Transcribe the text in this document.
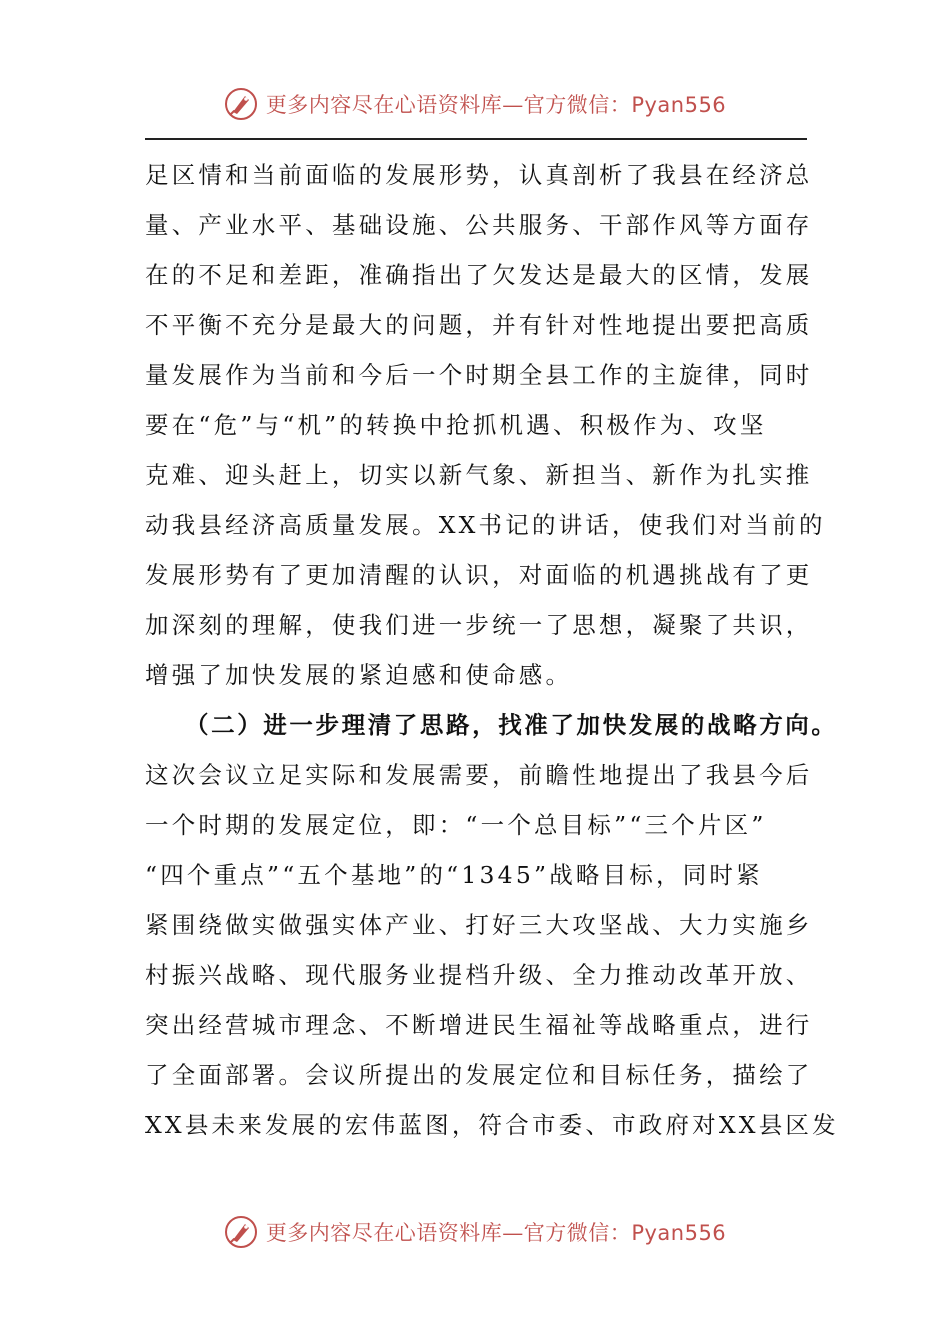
更多内容尽在心语资料库—官方微信：Pyan556
足区情和当前面临的发展形势，认真剖析了我县在经济总
量、产业水平、基础设施、公共服务、干部作风等方面存
在的不足和差距，准确指出了欠发达是最大的区情，发展
不平衡不充分是最大的问题，并有针对性地提出要把高质
量发展作为当前和今后一个时期全县工作的主旋律，同时
要在“危”与“机”的转换中抢抓机遇、积极作为、攻坚
克难、迎头赶上，切实以新气象、新担当、新作为扎实推
动我县经济高质量发展。XX书记的讲话，使我们对当前的
发展形势有了更加清醒的认识，对面临的机遇挑战有了更
加深刻的理解，使我们进一步统一了思想，凝聚了共识，
增强了加快发展的紧迫感和使命感。
（二）进一步理清了思路，找准了加快发展的战略方向。
这次会议立足实际和发展需要，前瞻性地提出了我县今后
一个时期的发展定位，即：“一个总目标”“三个片区”
“四个重点”“五个基地”的“1345”战略目标，同时紧
紧围绕做实做强实体产业、打好三大攻坚战、大力实施乡
村振兴战略、现代服务业提档升级、全力推动改革开放、
突出经营城市理念、不断增进民生福祉等战略重点，进行
了全面部署。会议所提出的发展定位和目标任务，描绘了
XX县未来发展的宏伟蓝图，符合市委、市政府对XX县区发
更多内容尽在心语资料库—官方微信：Pyan556
